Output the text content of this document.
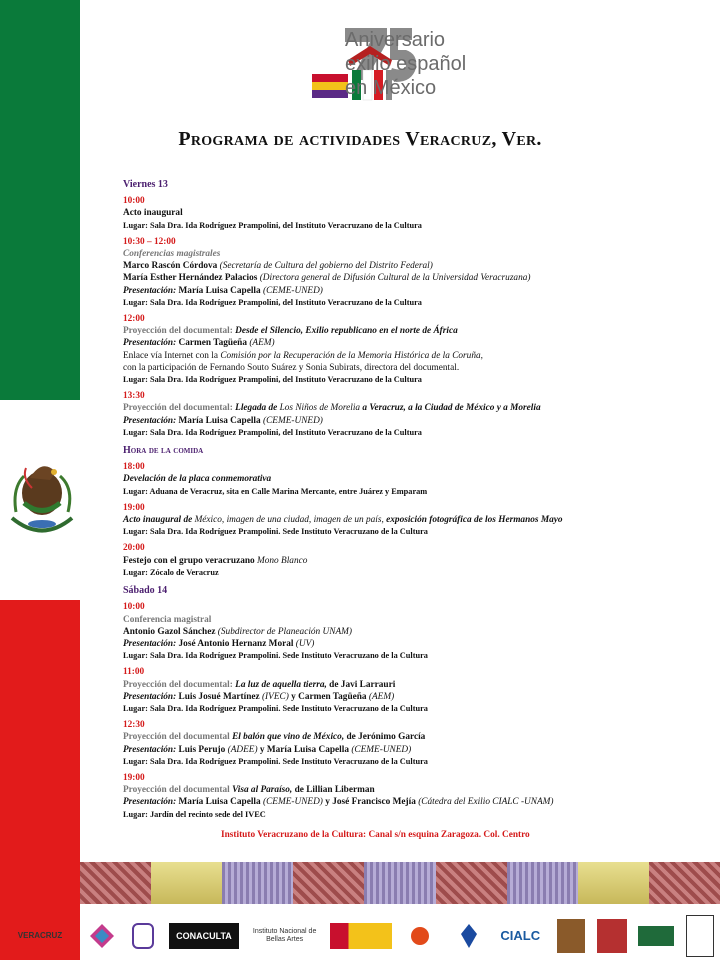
Aniversario
exilio español
en México
Programa de actividades Veracruz, Ver.
Viernes 13
10:00
Acto inaugural
Lugar: Sala Dra. Ida Rodríguez Prampolini, del Instituto Veracruzano de la Cultura
10:30 – 12:00
Conferencias magistrales
Marco Rascón Córdova (Secretaría de Cultura del gobierno del Distrito Federal)
María Esther Hernández Palacios (Directora general de Difusión Cultural de la Universidad Veracruzana)
Presentación: María Luisa Capella (CEME-UNED)
Lugar: Sala Dra. Ida Rodríguez Prampolini, del Instituto Veracruzano de la Cultura
12:00
Proyección del documental: Desde el Silencio, Exilio republicano en el norte de África
Presentación: Carmen Tagüeña (AEM)
Enlace vía Internet con la Comisión por la Recuperación de la Memoria Histórica de la Coruña,
con la participación de Fernando Souto Suárez y Sonia Subirats, directora del documental.
Lugar: Sala Dra. Ida Rodríguez Prampolini, del Instituto Veracruzano de la Cultura
13:30
Proyección del documental: Llegada de Los Niños de Morelia a Veracruz, a la Ciudad de México y a Morelia
Presentación: María Luisa Capella (CEME-UNED)
Lugar: Sala Dra. Ida Rodríguez Prampolini, del Instituto Veracruzano de la Cultura
Hora de la comida
18:00
Develación de la placa conmemorativa
Lugar: Aduana de Veracruz, sita en Calle Marina Mercante, entre Juárez y Emparam
19:00
Acto inaugural de México, imagen de una ciudad, imagen de un país, exposición fotográfica de los Hermanos Mayo
Lugar: Sala Dra. Ida Rodríguez Prampolini. Sede Instituto Veracruzano de la Cultura
20:00
Festejo con el grupo veracruzano Mono Blanco
Lugar: Zócalo de Veracruz
Sábado 14
10:00
Conferencia magistral
Antonio Gazol Sánchez (Subdirector de Planeación UNAM)
Presentación: José Antonio Hernanz Moral (UV)
Lugar: Sala Dra. Ida Rodríguez Prampolini. Sede Instituto Veracruzano de la Cultura
11:00
Proyección del documental: La luz de aquella tierra, de Javi Larrauri
Presentación: Luis Josué Martínez (IVEC) y Carmen Tagüeña (AEM)
Lugar: Sala Dra. Ida Rodríguez Prampolini. Sede Instituto Veracruzano de la Cultura
12:30
Proyección del documental El balón que vino de México, de Jerónimo García
Presentación: Luis Perujo (ADEE) y María Luisa Capella (CEME-UNED)
Lugar: Sala Dra. Ida Rodríguez Prampolini. Sede Instituto Veracruzano de la Cultura
19:00
Proyección del documental Visa al Paraíso, de Lillian Liberman
Presentación: María Luisa Capella (CEME-UNED) y José Francisco Mejía (Cátedra del Exilio CIALC -UNAM)
Lugar: Jardín del recinto sede del IVEC
Instituto Veracruzano de la Cultura: Canal s/n esquina Zaragoza. Col. Centro
VERACRUZ	CONACULTA	Instituto Nacional de Bellas Artes	CIALC
